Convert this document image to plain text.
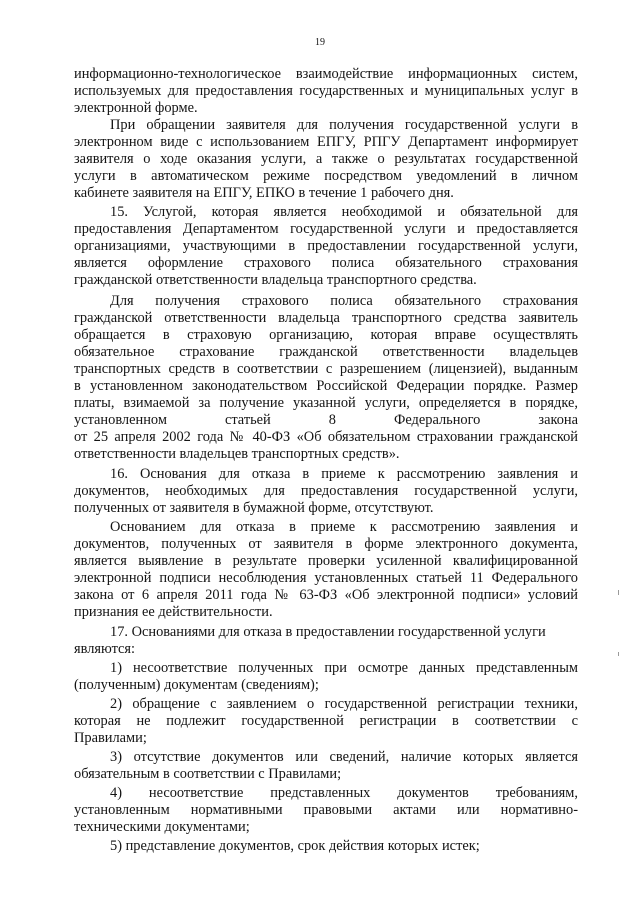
19
информационно-технологическое взаимодействие информационных систем,
используемых для предоставления государственных и муниципальных услуг в
электронной форме.
При обращении заявителя для получения государственной услуги в
электронном виде с использованием ЕПГУ, РПГУ Департамент информирует
заявителя о ходе оказания услуги, а также о результатах государственной
услуги в автоматическом режиме посредством уведомлений в личном
кабинете заявителя на ЕПГУ, ЕПКО в течение 1 рабочего дня.
15. Услугой, которая является необходимой и обязательной для
предоставления Департаментом государственной услуги и предоставляется
организациями, участвующими в предоставлении государственной услуги,
является оформление страхового полиса обязательного страхования
гражданской ответственности владельца транспортного средства.
Для получения страхового полиса обязательного страхования
гражданской ответственности владельца транспортного средства заявитель
обращается в страховую организацию, которая вправе осуществлять
обязательное страхование гражданской ответственности владельцев
транспортных средств в соответствии с разрешением (лицензией), выданным
в установленном законодательством Российской Федерации порядке. Размер
платы, взимаемой за получение указанной услуги, определяется в порядке,
установленном статьей 8 Федерального закона
от 25 апреля 2002 года № 40-ФЗ «Об обязательном страховании гражданской
ответственности владельцев транспортных средств».
16. Основания для отказа в приеме к рассмотрению заявления и
документов, необходимых для предоставления государственной услуги,
полученных от заявителя в бумажной форме, отсутствуют.
Основанием для отказа в приеме к рассмотрению заявления и
документов, полученных от заявителя в форме электронного документа,
является выявление в результате проверки усиленной квалифицированной
электронной подписи несоблюдения установленных статьей 11 Федерального
закона от 6 апреля 2011 года № 63-ФЗ «Об электронной подписи» условий
признания ее действительности.
17. Основаниями для отказа в предоставлении государственной услуги
являются:
1) несоответствие полученных при осмотре данных представленным
(полученным) документам (сведениям);
2) обращение с заявлением о государственной регистрации техники,
которая не подлежит государственной регистрации в соответствии с
Правилами;
3) отсутствие документов или сведений, наличие которых является
обязательным в соответствии с Правилами;
4) несоответствие представленных документов требованиям,
установленным нормативными правовыми актами или нормативно-
техническими документами;
5) представление документов, срок действия которых истек;
